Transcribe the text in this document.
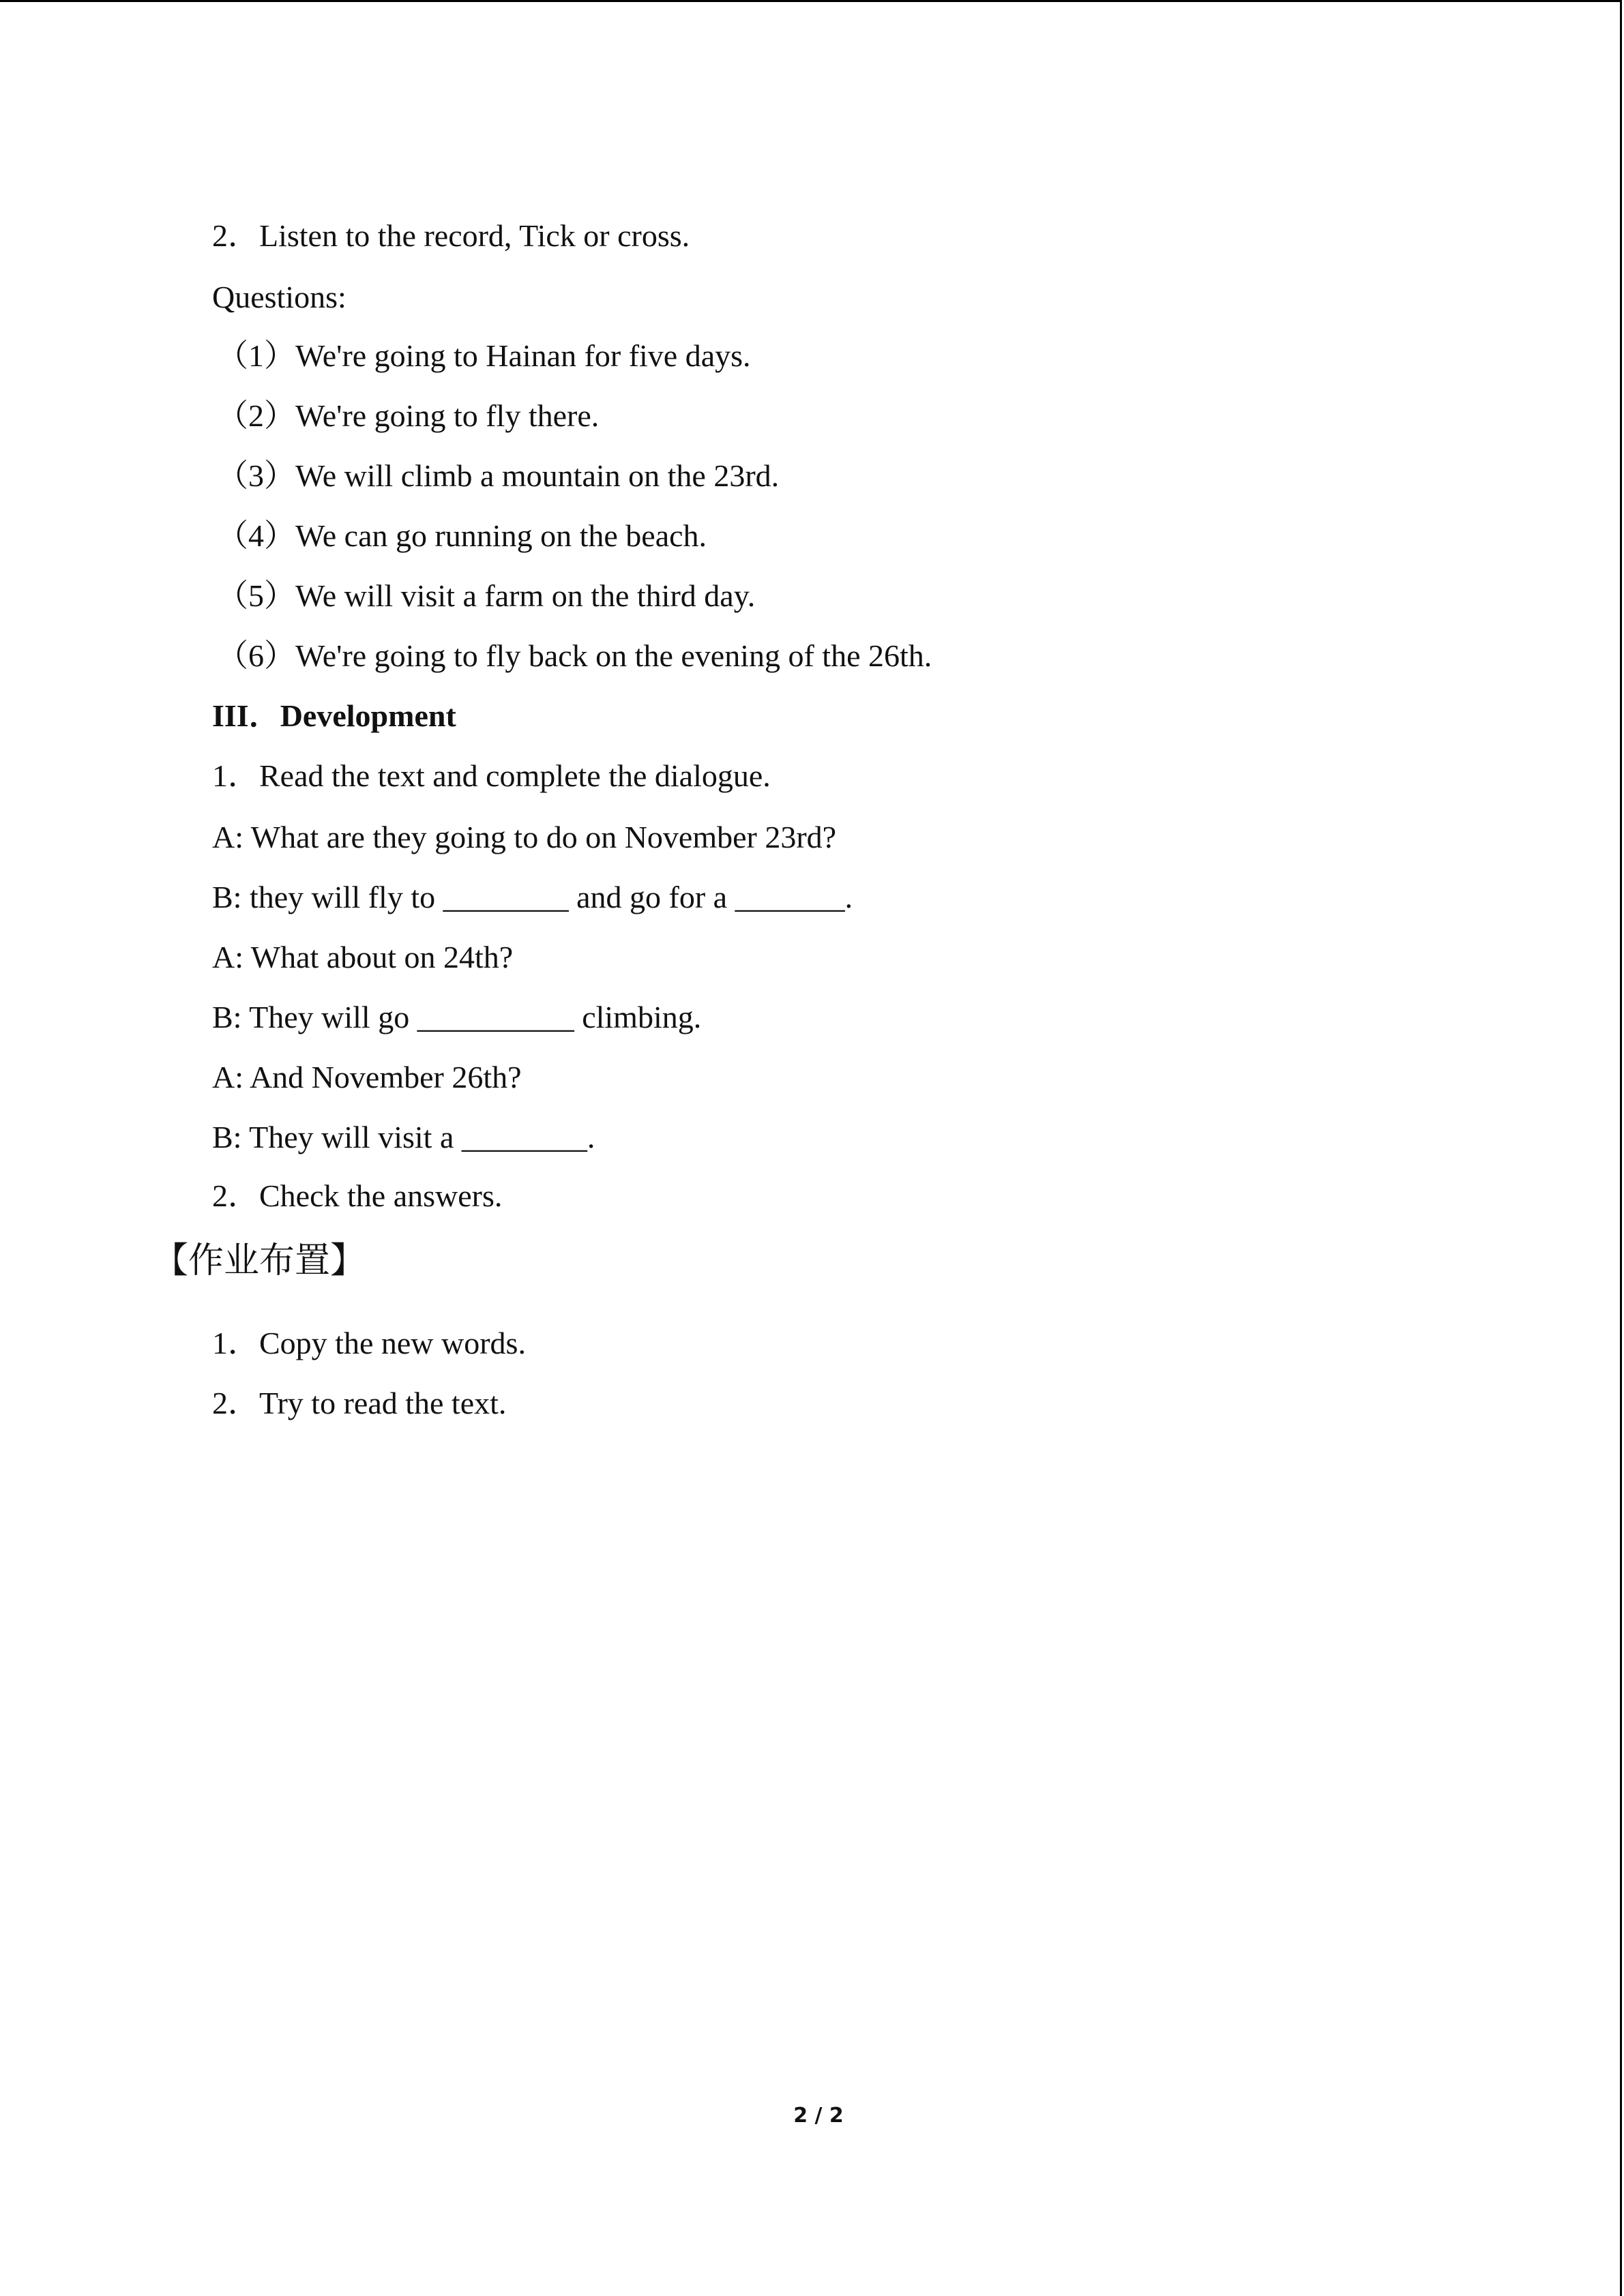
2．Listen to the record, Tick or cross.
Questions:
（1）We're going to Hainan for five days.
（2）We're going to fly there.
（3）We will climb a mountain on the 23rd.
（4）We can go running on the beach.
（5）We will visit a farm on the third day.
（6）We're going to fly back on the evening of the 26th.
III．Development
1．Read the text and complete the dialogue.
A: What are they going to do on November 23rd?
B: they will fly to ________ and go for a _______.
A: What about on 24th?
B: They will go __________ climbing.
A: And November 26th?
B: They will visit a ________.
2．Check the answers.
【作业布置】
1．Copy the new words.
2．Try to read the text.
2 / 2
